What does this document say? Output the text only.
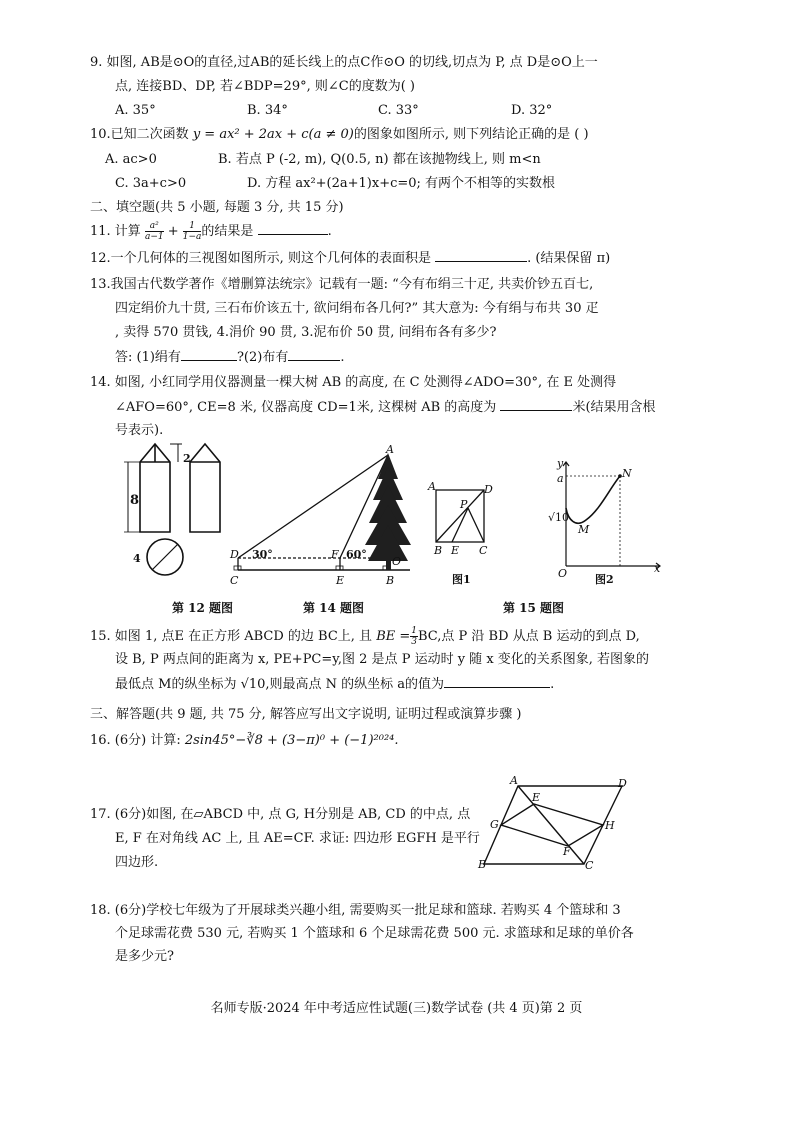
9. 如图, AB是⊙O的直径,过AB的延长线上的点C作⊙O 的切线,切点为 P, 点 D是⊙O上一
点, 连接BD、DP, 若∠BDP=29°, 则∠C的度数为( )
A. 35°	B. 34°	C. 33°	D. 32°
10.已知二次函数 y = ax² + 2ax + c(a ≠ 0)的图象如图所示, 则下列结论正确的是 ( )
A. ac>0	B. 若点 P (-2, m), Q(0.5, n) 都在该抛物线上, 则 m<n
C. 3a+c>0	D. 方程 ax²+(2a+1)x+c=0; 有两个不相等的实数根
二、填空题(共 5 小题, 每题 3 分, 共 15 分)
11. 计算 $\frac{\text{a²}}{a-1} + \frac{1}{1-a}$ 的结果是	.
12.一个几何体的三视图如图所示, 则这个几何体的表面积是	. (结果保留 π)
13.我国古代数学著作《增删算法统宗》记载有一题: “今有布绢三十疋, 共卖价钞五百七,
四定绢价九十贯, 三石布价该五十, 欲问绢布各几何?” 其大意为: 今有绢与布共 30 疋
, 卖得 570 贯钱, 4.涓价 90 贯, 3.泥布价 50 贯, 问绢布各有多少?
答: (1)绢有	?(2)布有	.
14. 如图, 小红同学用仪器测量一棵大树 AB 的高度, 在 C 处测得∠ADO=30°, 在 E 处测得
∠AFO=60°, CE=8 米, 仪器高度 CD=1米, 这棵树 AB 的高度为	米(结果用含根
号表示).
2
8
4
第 12 题图
A
D
C
F
E
O
B
30°	60°
第 14 题图
A	D
P
B E C
图1
y
a	N
√10
M
O	x
图2
第 15 题图
15. 如图 1, 点E 在正方形 ABCD 的边 BC上, 且 BE = $\frac{1}{3}$ BC,点 P 沿 BD 从点 B 运动的到点 D,
设 B, P 两点间的距离为 x, PE+PC=y,图 2 是点 P 运动时 y 随 x 变化的关系图象, 若图象的
最低点 M的纵坐标为 √10,则最高点 N 的纵坐标 a的值为	.
三、解答题(共 9 题, 共 75 分, 解答应写出文字说明, 证明过程或演算步骤 )
16. (6分) 计算: 2sin45°−∛8 + (3−π)⁰ + (−1)²⁰²⁴.
17. (6分)如图, 在▱ABCD 中, 点 G, H分别是 AB, CD 的中点, 点
E, F 在对角线 AC 上, 且 AE=CF. 求证: 四边形 EGFH 是平行
四边形.
A	D
E
G	H
F
B	C
18. (6分)学校七年级为了开展球类兴趣小组, 需要购买一批足球和篮球. 若购买 4 个篮球和 3
个足球需花费 530 元, 若购买 1 个篮球和 6 个足球需花费 500 元. 求篮球和足球的单价各
是多少元?
名师专版·2024 年中考适应性试题(三)数学试卷 (共 4 页)第 2 页
